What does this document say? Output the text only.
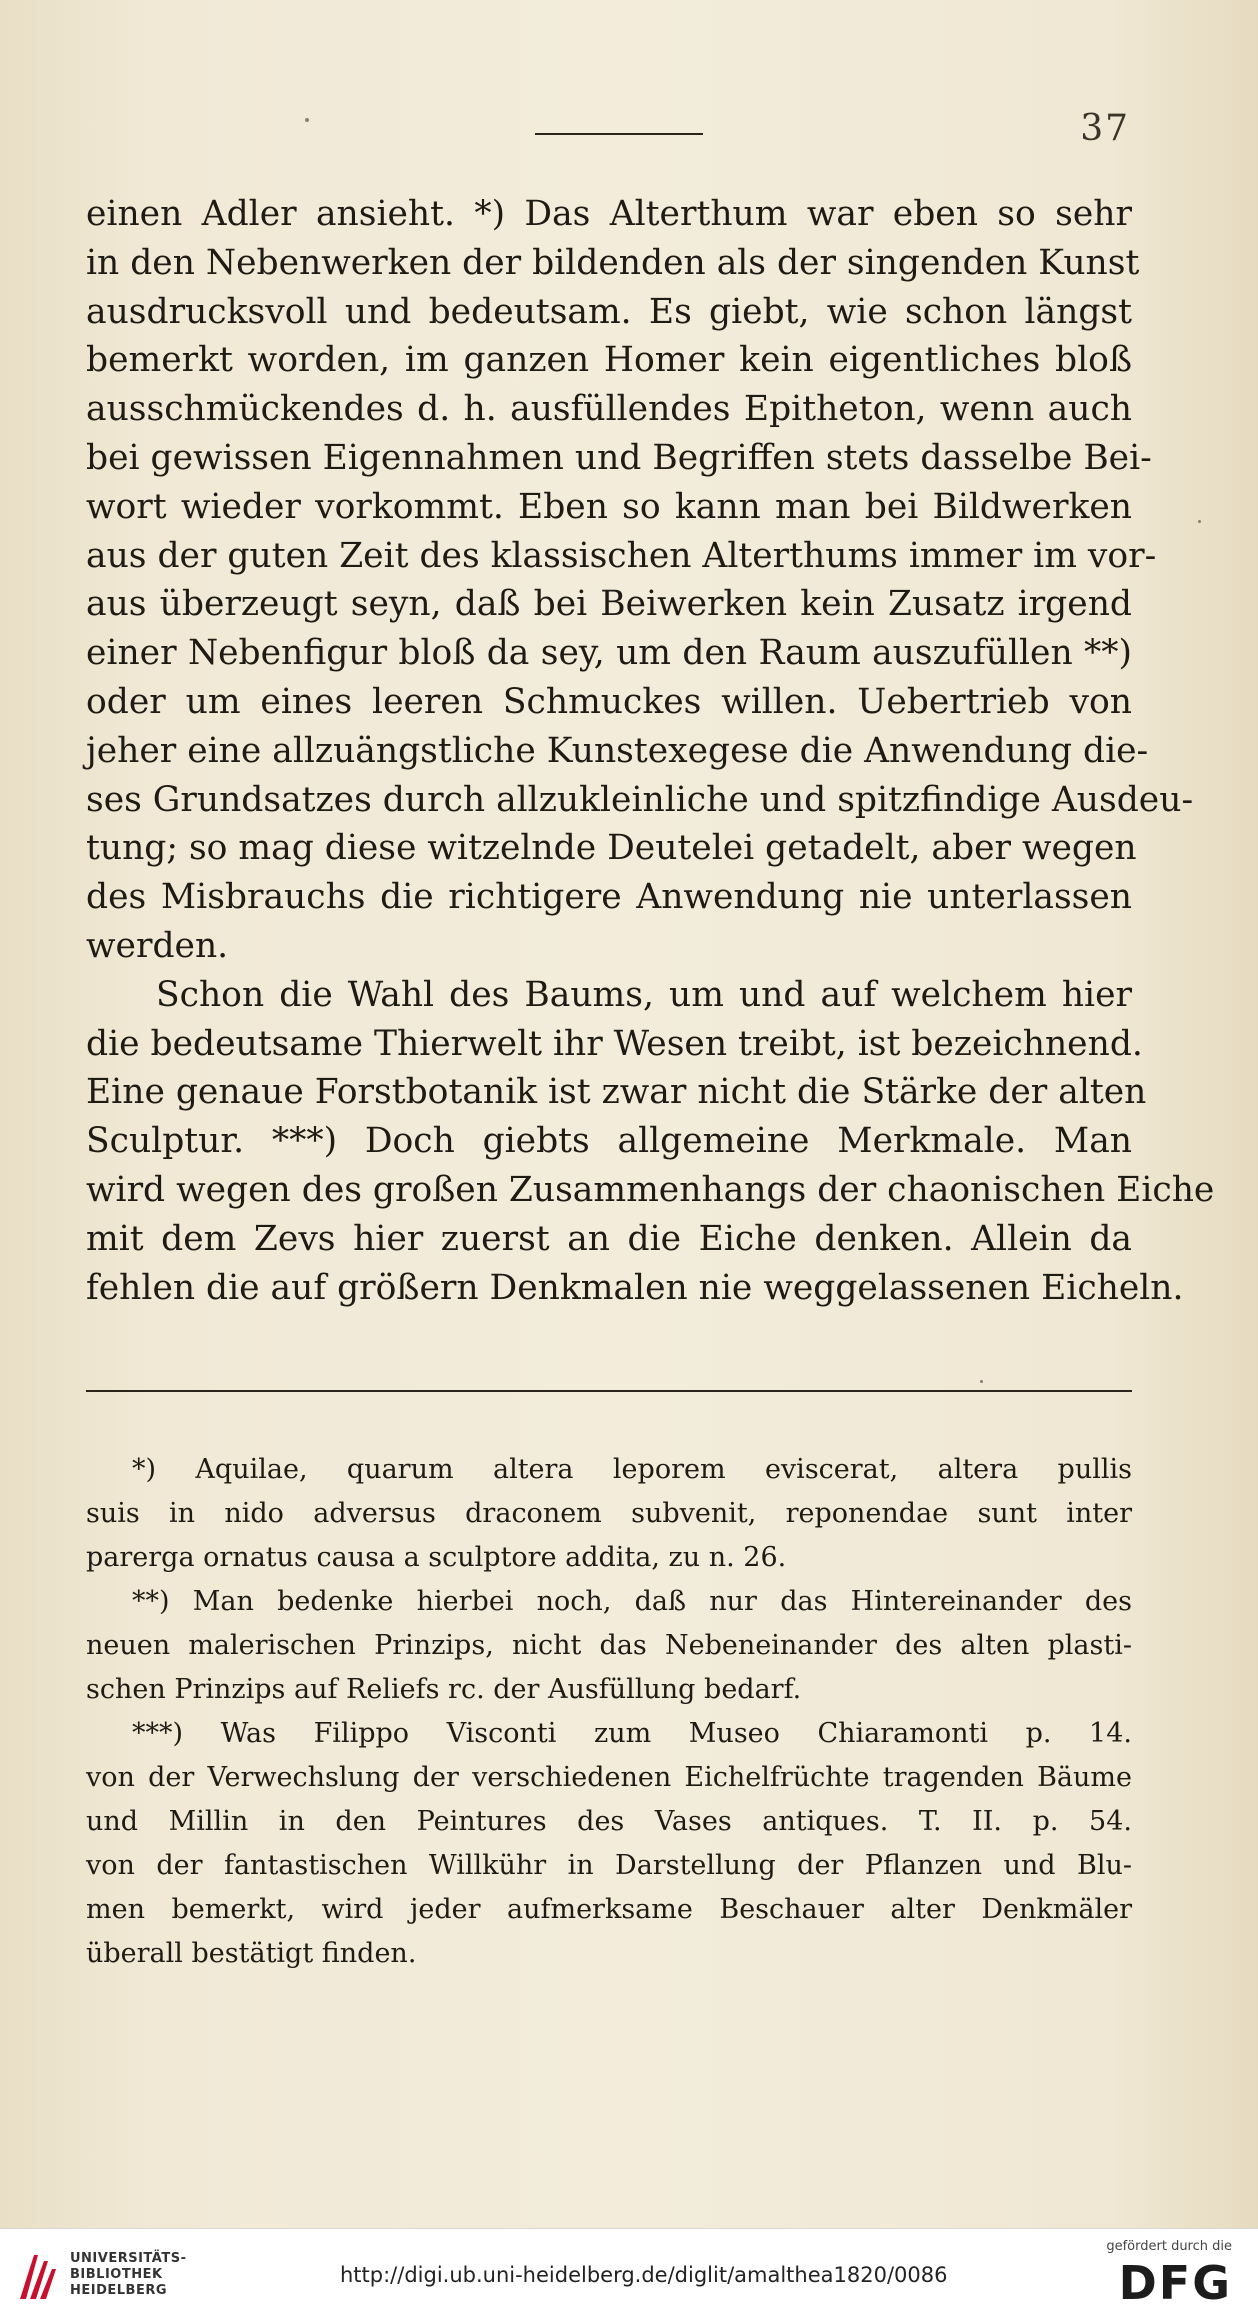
37
einen Adler ansieht. *) Das Alterthum war eben so sehr
in den Nebenwerken der bildenden als der singenden Kunst
ausdrucksvoll und bedeutsam. Es giebt, wie schon längst
bemerkt worden, im ganzen Homer kein eigentliches bloß
ausschmückendes d. h. ausfüllendes Epitheton, wenn auch
bei gewissen Eigennahmen und Begriffen stets dasselbe Bei-
wort wieder vorkommt. Eben so kann man bei Bildwerken
aus der guten Zeit des klassischen Alterthums immer im vor-
aus überzeugt seyn, daß bei Beiwerken kein Zusatz irgend
einer Nebenfigur bloß da sey, um den Raum auszufüllen **)
oder um eines leeren Schmuckes willen. Uebertrieb von
jeher eine allzuängstliche Kunstexegese die Anwendung die-
ses Grundsatzes durch allzukleinliche und spitzfindige Ausdeu-
tung; so mag diese witzelnde Deutelei getadelt, aber wegen
des Misbrauchs die richtigere Anwendung nie unterlassen
werden.
Schon die Wahl des Baums, um und auf welchem hier
die bedeutsame Thierwelt ihr Wesen treibt, ist bezeichnend.
Eine genaue Forstbotanik ist zwar nicht die Stärke der alten
Sculptur. ***) Doch giebts allgemeine Merkmale. Man
wird wegen des großen Zusammenhangs der chaonischen Eiche
mit dem Zevs hier zuerst an die Eiche denken. Allein da
fehlen die auf größern Denkmalen nie weggelassenen Eicheln.
*) Aquilae, quarum altera leporem eviscerat, altera pullis
suis in nido adversus draconem subvenit, reponendae sunt inter
parerga ornatus causa a sculptore addita, zu n. 26.
**) Man bedenke hierbei noch, daß nur das Hintereinander des
neuen malerischen Prinzips, nicht das Nebeneinander des alten plasti-
schen Prinzips auf Reliefs rc. der Ausfüllung bedarf.
***) Was Filippo Visconti zum Museo Chiaramonti p. 14.
von der Verwechslung der verschiedenen Eichelfrüchte tragenden Bäume
und Millin in den Peintures des Vases antiques. T. II. p. 54.
von der fantastischen Willkühr in Darstellung der Pflanzen und Blu-
men bemerkt, wird jeder aufmerksame Beschauer alter Denkmäler
überall bestätigt finden.
UNIVERSITÄTS-
BIBLIOTHEK
HEIDELBERG
http://digi.ub.uni-heidelberg.de/diglit/amalthea1820/0086
gefördert durch die
DFG
